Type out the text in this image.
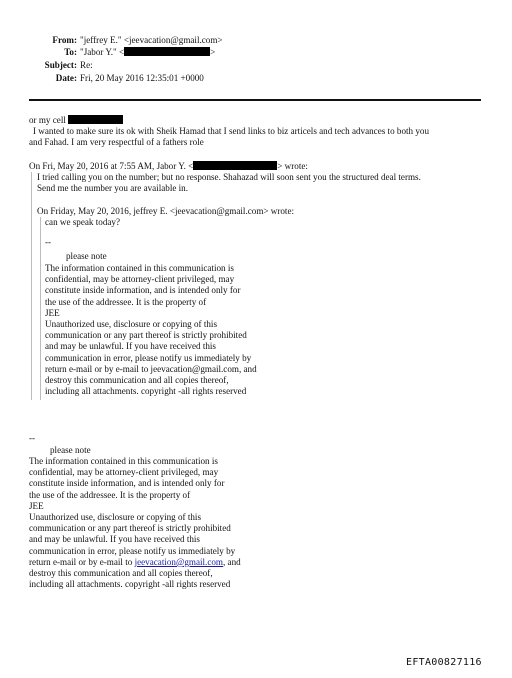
From: "jeffrey E." <jeevacation@gmail.com>
To: "Jabor Y." <	>
Subject: Re:
Date: Fri, 20 May 2016 12:35:01 +0000
or my cell
I wanted to make sure its ok with Sheik Hamad that I send links to biz articels and tech advances to both you
and Fahad. I am very respectful of a fathers role
On Fri, May 20, 2016 at 7:55 AM, Jabor Y. <	> wrote:
I tried calling you on the number; but no response. Shahazad will soon sent you the structured deal terms.
Send me the number you are available in.
On Friday, May 20, 2016, jeffrey E. <jeevacation@gmail.com> wrote:
can we speak today?
--
please note
The information contained in this communication is
confidential, may be attorney-client privileged, may
constitute inside information, and is intended only for
the use of the addressee. It is the property of
JEE
Unauthorized use, disclosure or copying of this
communication or any part thereof is strictly prohibited
and may be unlawful. If you have received this
communication in error, please notify us immediately by
return e-mail or by e-mail to jeevacation@gmail.com, and
destroy this communication and all copies thereof,
including all attachments. copyright -all rights reserved
--
please note
The information contained in this communication is
confidential, may be attorney-client privileged, may
constitute inside information, and is intended only for
the use of the addressee. It is the property of
JEE
Unauthorized use, disclosure or copying of this
communication or any part thereof is strictly prohibited
and may be unlawful. If you have received this
communication in error, please notify us immediately by
return e-mail or by e-mail to jeevacation@gmail.com, and
destroy this communication and all copies thereof,
including all attachments. copyright -all rights reserved
EFTA00827116
